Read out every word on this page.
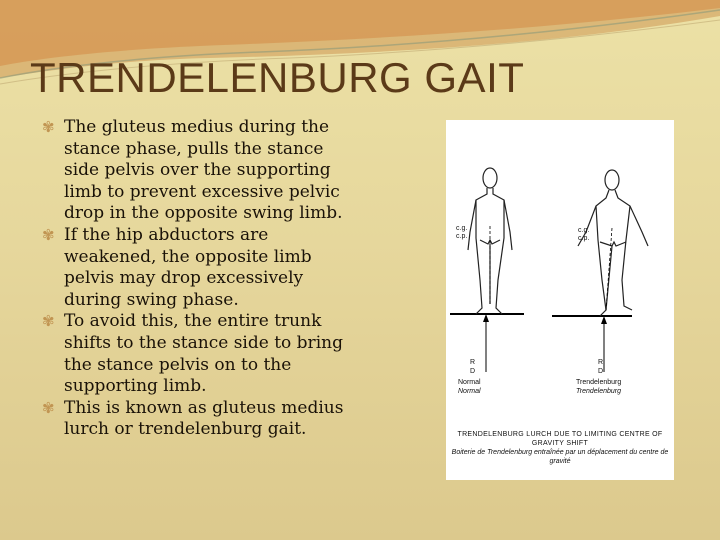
TRENDELENBURG GAIT
✾ The gluteus medius during the stance phase, pulls the stance side pelvis over the supporting limb to prevent excessive pelvic drop in the opposite swing limb.
✾ If the hip abductors are weakened, the opposite limb pelvis may drop excessively during swing phase.
✾ To avoid this, the entire trunk shifts to the stance side to bring the stance pelvis on to the supporting limb.
✾ This is known as gluteus medius lurch or trendelenburg gait.
c.g.
c.p.
c.g.
c.p.
R
D
R
D
Normal
Normal
Trendelenburg
Trendelenburg
TRENDELENBURG LURCH DUE TO LIMITING CENTRE OF GRAVITY SHIFT
Boiterie de Trendelenburg entraînée par un déplacement du centre de gravité
